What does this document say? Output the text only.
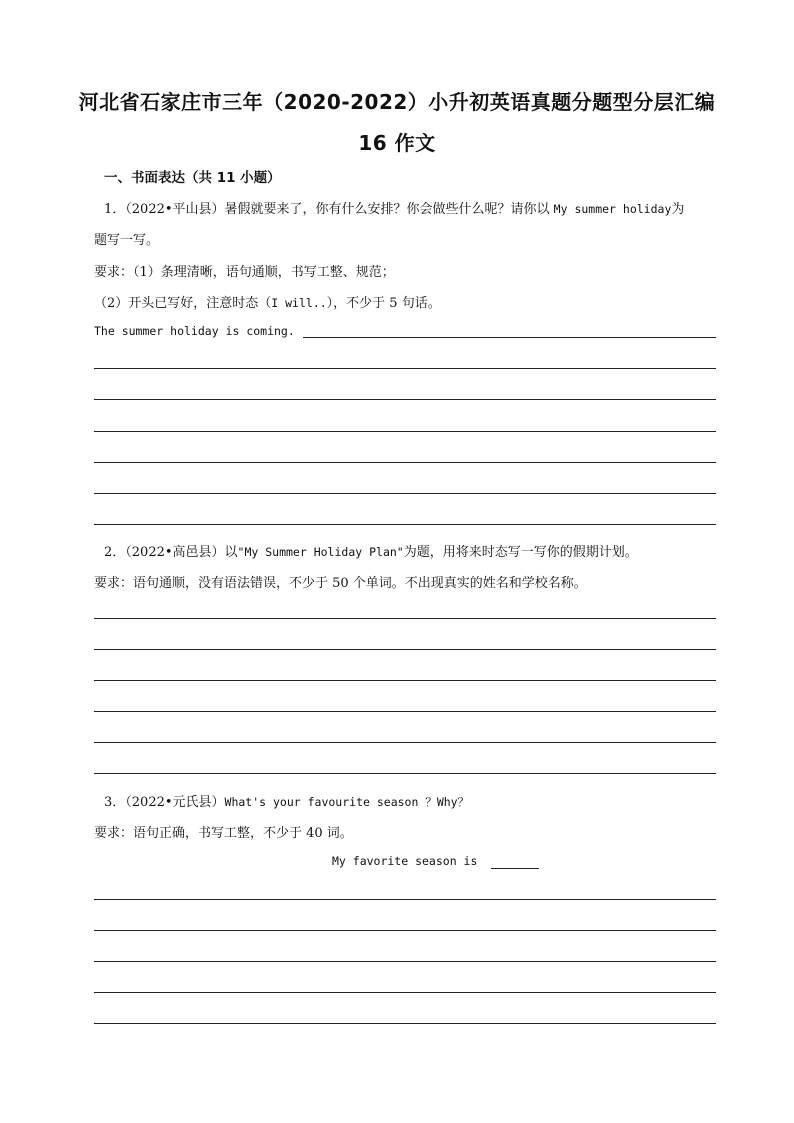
河北省石家庄市三年（2020-2022）小升初英语真题分题型分层汇编
16 作文
一、书面表达（共 11 小题）
1．（2022•平山县）暑假就要来了，你有什么安排？你会做些什么呢？请你以 My summer holiday为
题写一写。
要求：（1）条理清晰，语句通顺，书写工整、规范；
（2）开头已写好，注意时态（I will..），不少于 5 句话。
The summer holiday is coming.
2．（2022•高邑县）以"My Summer Holiday Plan"为题，用将来时态写一写你的假期计划。
要求：语句通顺，没有语法错误，不少于 50 个单词。不出现真实的姓名和学校名称。
3．（2022•元氏县）What's your favourite season ？Why？
要求：语句正确，书写工整，不少于 40 词。
My favorite season is
